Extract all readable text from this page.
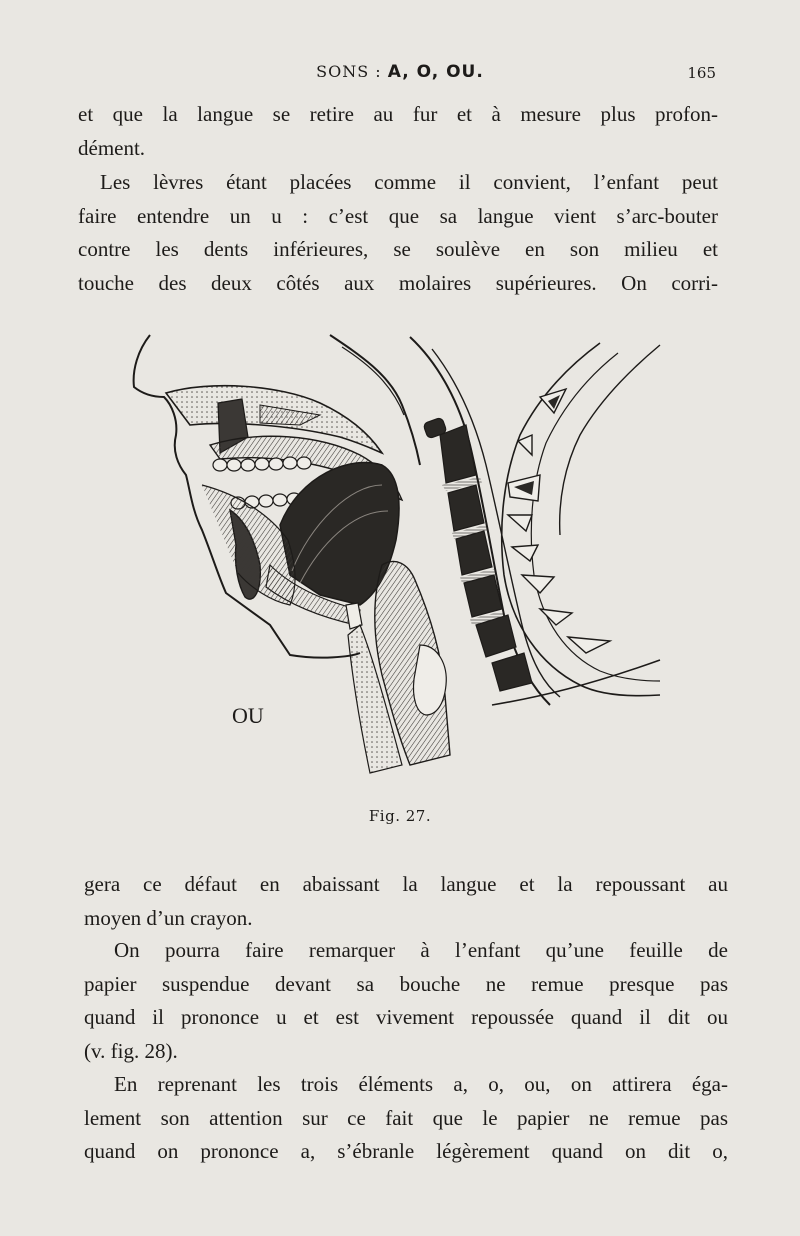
SONS : A, O, OU.	165
et que la langue se retire au fur et à mesure plus profon-
dément.
Les lèvres étant placées comme il convient, l’enfant peut
faire entendre un u : c’est que sa langue vient s’arc-bouter
contre les dents inférieures, se soulève en son milieu et
touche des deux côtés aux molaires supérieures. On corri-
OU
Fig. 27.
gera ce défaut en abaissant la langue et la repoussant au
moyen d’un crayon.
On pourra faire remarquer à l’enfant qu’une feuille de
papier suspendue devant sa bouche ne remue presque pas
quand il prononce u et est vivement repoussée quand il dit ou
(v. fig. 28).
En reprenant les trois éléments a, o, ou, on attirera éga-
lement son attention sur ce fait que le papier ne remue pas
quand on prononce a, s’ébranle légèrement quand on dit o,
